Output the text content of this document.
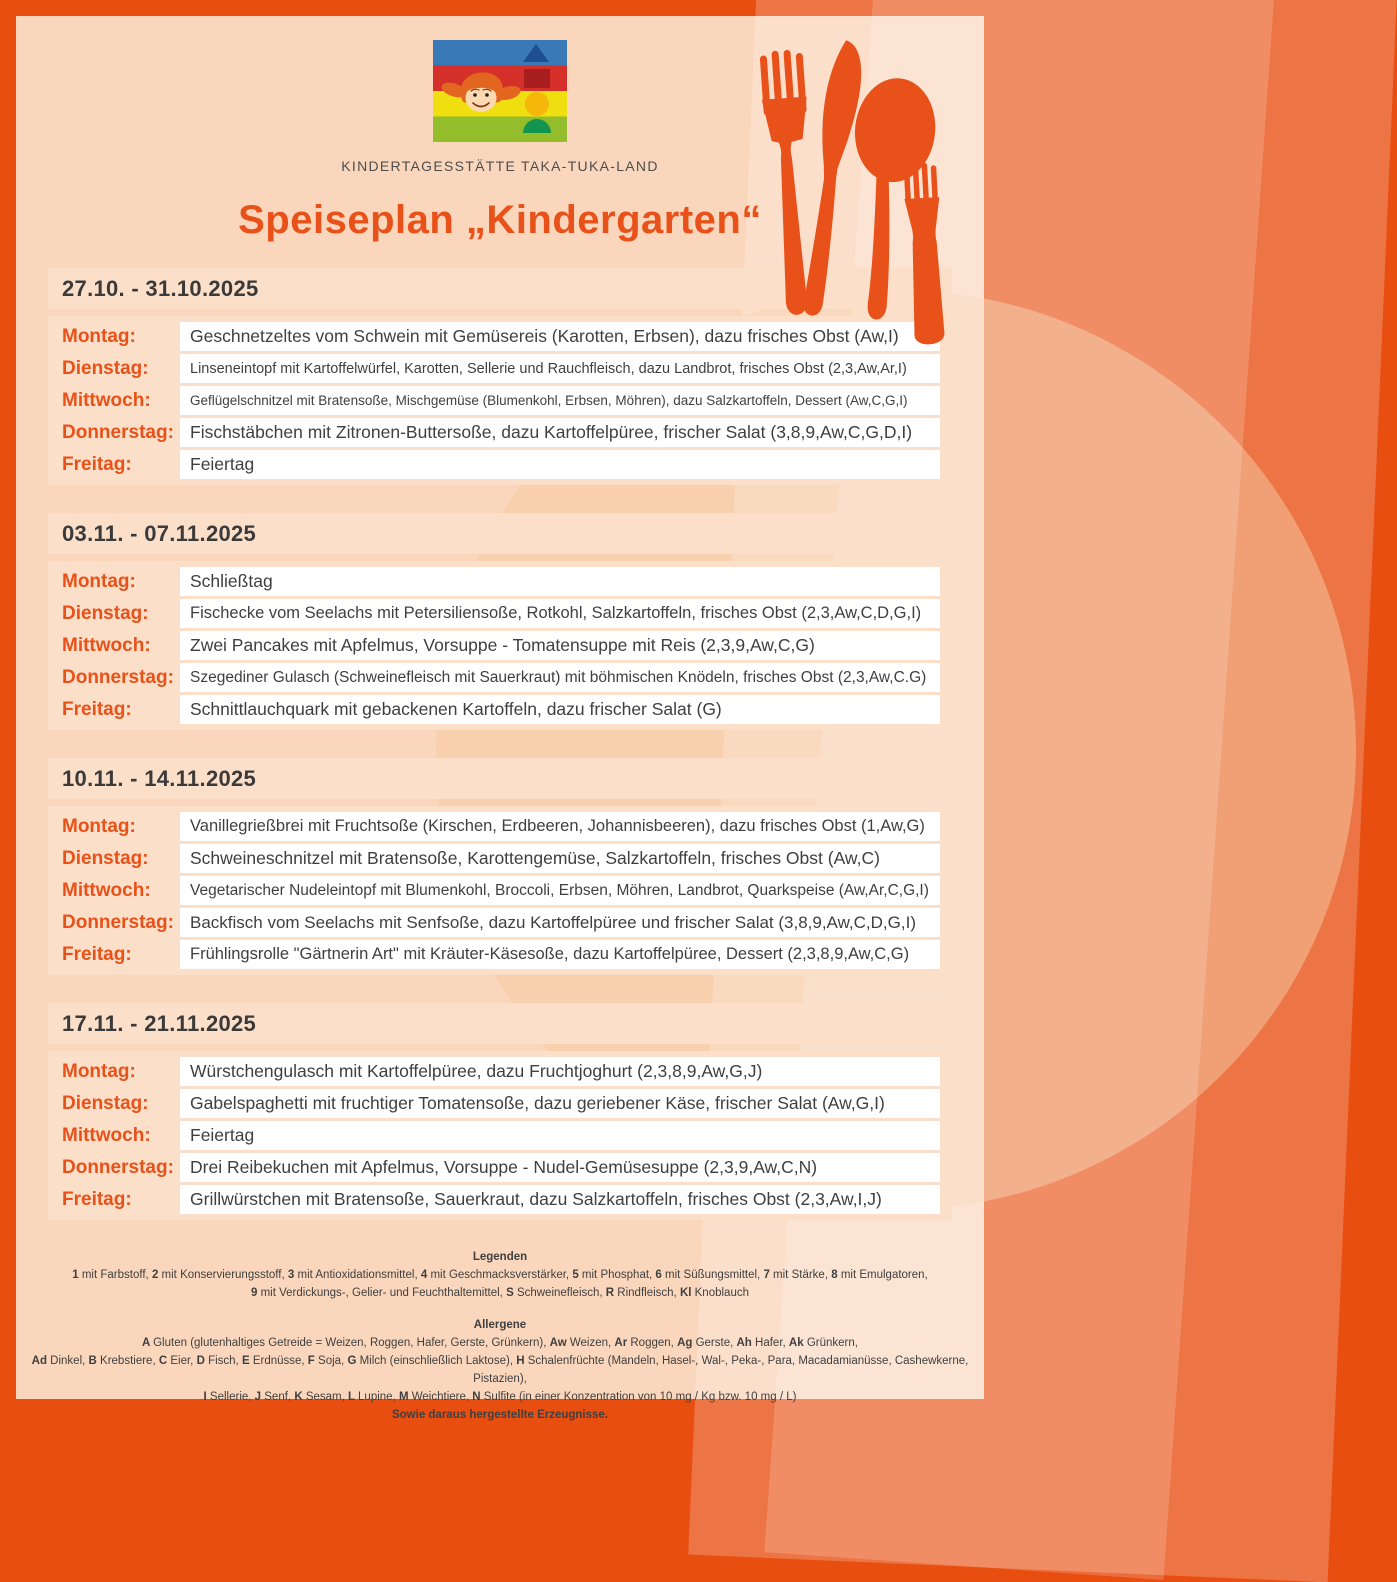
KINDERTAGESSTÄTTE TAKA-TUKA-LAND
Speiseplan „Kindergarten“
27.10. - 31.10.2025
Montag:	Geschnetzeltes vom Schwein mit Gemüsereis (Karotten, Erbsen), dazu frisches Obst (Aw,I)
Dienstag:	Linseneintopf mit Kartoffelwürfel, Karotten, Sellerie und Rauchfleisch, dazu Landbrot, frisches Obst (2,3,Aw,Ar,I)
Mittwoch:	Geflügelschnitzel mit Bratensoße, Mischgemüse (Blumenkohl, Erbsen, Möhren), dazu Salzkartoffeln, Dessert (Aw,C,G,I)
Donnerstag: Fischstäbchen mit Zitronen-Buttersoße, dazu Kartoffelpüree, frischer Salat (3,8,9,Aw,C,G,D,I)
Freitag:	Feiertag
03.11. - 07.11.2025
Montag:	Schließtag
Dienstag:	Fischecke vom Seelachs mit Petersiliensoße, Rotkohl, Salzkartoffeln, frisches Obst (2,3,Aw,C,D,G,I)
Mittwoch:	Zwei Pancakes mit Apfelmus, Vorsuppe - Tomatensuppe mit Reis (2,3,9,Aw,C,G)
Donnerstag:	Szegediner Gulasch (Schweinefleisch mit Sauerkraut) mit böhmischen Knödeln, frisches Obst (2,3,Aw,C.G)
Freitag:	Schnittlauchquark mit gebackenen Kartoffeln, dazu frischer Salat (G)
10.11. - 14.11.2025
Montag:	Vanillegrießbrei mit Fruchtsoße (Kirschen, Erdbeeren, Johannisbeeren), dazu frisches Obst (1,Aw,G)
Dienstag:	Schweineschnitzel mit Bratensoße, Karottengemüse, Salzkartoffeln, frisches Obst (Aw,C)
Mittwoch:	Vegetarischer Nudeleintopf mit Blumenkohl, Broccoli, Erbsen, Möhren, Landbrot, Quarkspeise (Aw,Ar,C,G,I)
Donnerstag: Backfisch vom Seelachs mit Senfsoße, dazu Kartoffelpüree und frischer Salat (3,8,9,Aw,C,D,G,I)
Freitag:	Frühlingsrolle "Gärtnerin Art" mit Kräuter-Käsesoße, dazu Kartoffelpüree, Dessert (2,3,8,9,Aw,C,G)
17.11. - 21.11.2025
Montag:	Würstchengulasch mit Kartoffelpüree, dazu Fruchtjoghurt (2,3,8,9,Aw,G,J)
Dienstag:	Gabelspaghetti mit fruchtiger Tomatensoße, dazu geriebener Käse, frischer Salat (Aw,G,I)
Mittwoch:	Feiertag
Donnerstag: Drei Reibekuchen mit Apfelmus, Vorsuppe - Nudel-Gemüsesuppe (2,3,9,Aw,C,N)
Freitag:	Grillwürstchen mit Bratensoße, Sauerkraut, dazu Salzkartoffeln, frisches Obst (2,3,Aw,I,J)
Legenden
1 mit Farbstoff, 2 mit Konservierungsstoff, 3 mit Antioxidationsmittel, 4 mit Geschmacksverstärker, 5 mit Phosphat, 6 mit Süßungsmittel, 7 mit Stärke, 8 mit Emulgatoren,
9 mit Verdickungs-, Gelier- und Feuchthaltemittel, S Schweinefleisch, R Rindfleisch, Kl Knoblauch
Allergene
A Gluten (glutenhaltiges Getreide = Weizen, Roggen, Hafer, Gerste, Grünkern), Aw Weizen, Ar Roggen, Ag Gerste, Ah Hafer, Ak Grünkern,
Ad Dinkel, B Krebstiere, C Eier, D Fisch, E Erdnüsse, F Soja, G Milch (einschließlich Laktose), H Schalenfrüchte (Mandeln, Hasel-, Wal-, Peka-, Para, Macadamianüsse, Cashewkerne, Pistazien),
I Sellerie, J Senf, K Sesam, L Lupine, M Weichtiere, N Sulfite (in einer Konzentration von 10 mg / Kg bzw. 10 mg / L)
Sowie daraus hergestellte Erzeugnisse.
